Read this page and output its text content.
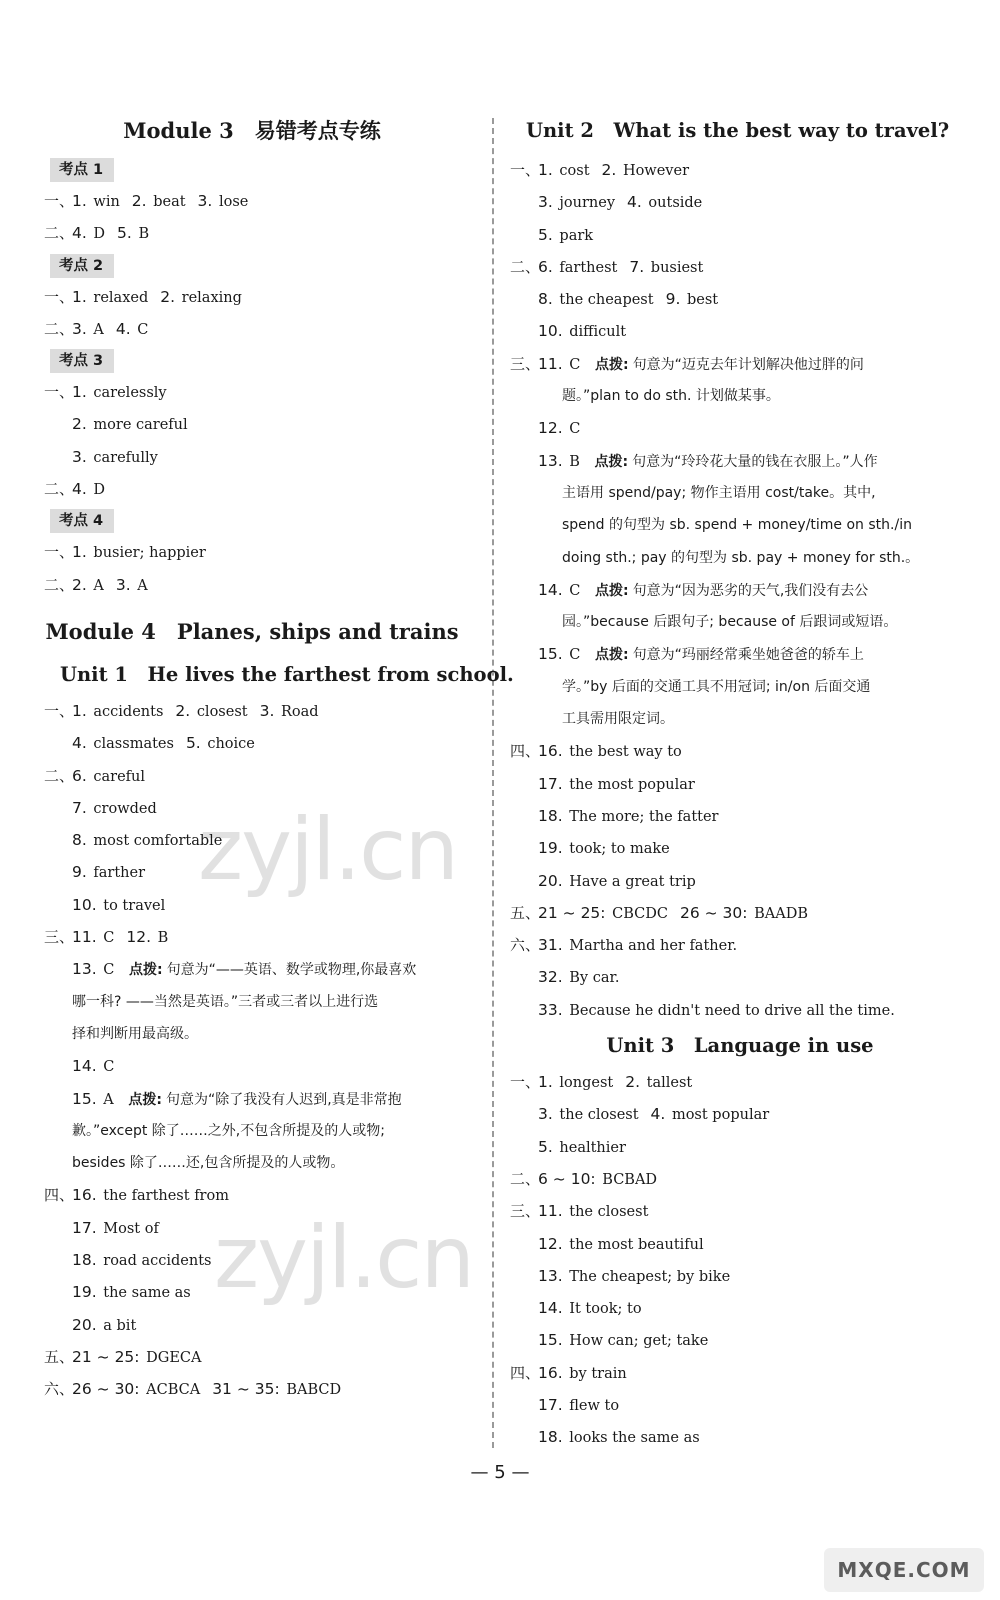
zyjl.cn
zyjl.cn
Module 3　易错考点专练
考点 1
一、
1. win 2. beat 3. lose
二、
4. D 5. B
考点 2
一、
1. relaxed 2. relaxing
二、
3. A 4. C
考点 3
一、
1. carelessly
2. more careful
3. carefully
二、
4. D
考点 4
一、
1. busier; happier
二、
2. A 3. A
Module 4　Planes, ships and trains
Unit 1　He lives the farthest from school.
一、
1. accidents 2. closest 3. Road
4. classmates 5. choice
二、
6. careful
7. crowded
8. most comfortable
9. farther
10. to travel
三、
11. C 12. B
13. C 点拨: 句意为“——英语、数学或物理,你最喜欢
哪一科? ——当然是英语。”三者或三者以上进行选
择和判断用最高级。
14. C
15. A 点拨: 句意为“除了我没有人迟到,真是非常抱
歉。”except 除了……之外,不包含所提及的人或物;
besides 除了……还,包含所提及的人或物。
四、
16. the farthest from
17. Most of
18. road accidents
19. the same as
20. a bit
五、
21 ~ 25: DGECA
六、
26 ~ 30: ACBCA 31 ~ 35: BABCD
Unit 2　What is the best way to travel?
一、
1. cost 2. However
3. journey 4. outside
5. park
二、
6. farthest 7. busiest
8. the cheapest 9. best
10. difficult
三、
11. C 点拨: 句意为“迈克去年计划解决他过胖的问
题。”plan to do sth. 计划做某事。
12. C
13. B 点拨: 句意为“玲玲花大量的钱在衣服上。”人作
主语用 spend/pay; 物作主语用 cost/take。其中,
spend 的句型为 sb. spend + money/time on sth./in
doing sth.; pay 的句型为 sb. pay + money for sth.。
14. C 点拨: 句意为“因为恶劣的天气,我们没有去公
园。”because 后跟句子; because of 后跟词或短语。
15. C 点拨: 句意为“玛丽经常乘坐她爸爸的轿车上
学。”by 后面的交通工具不用冠词; in/on 后面交通
工具需用限定词。
四、
16. the best way to
17. the most popular
18. The more; the fatter
19. took; to make
20. Have a great trip
五、
21 ~ 25: CBCDC 26 ~ 30: BAADB
六、
31. Martha and her father.
32. By car.
33. Because he didn't need to drive all the time.
Unit 3　Language in use
一、
1. longest 2. tallest
3. the closest 4. most popular
5. healthier
二、
6 ~ 10: BCBAD
三、
11. the closest
12. the most beautiful
13. The cheapest; by bike
14. It took; to
15. How can; get; take
四、
16. by train
17. flew to
18. looks the same as
— 5 —
MXQE.COM
